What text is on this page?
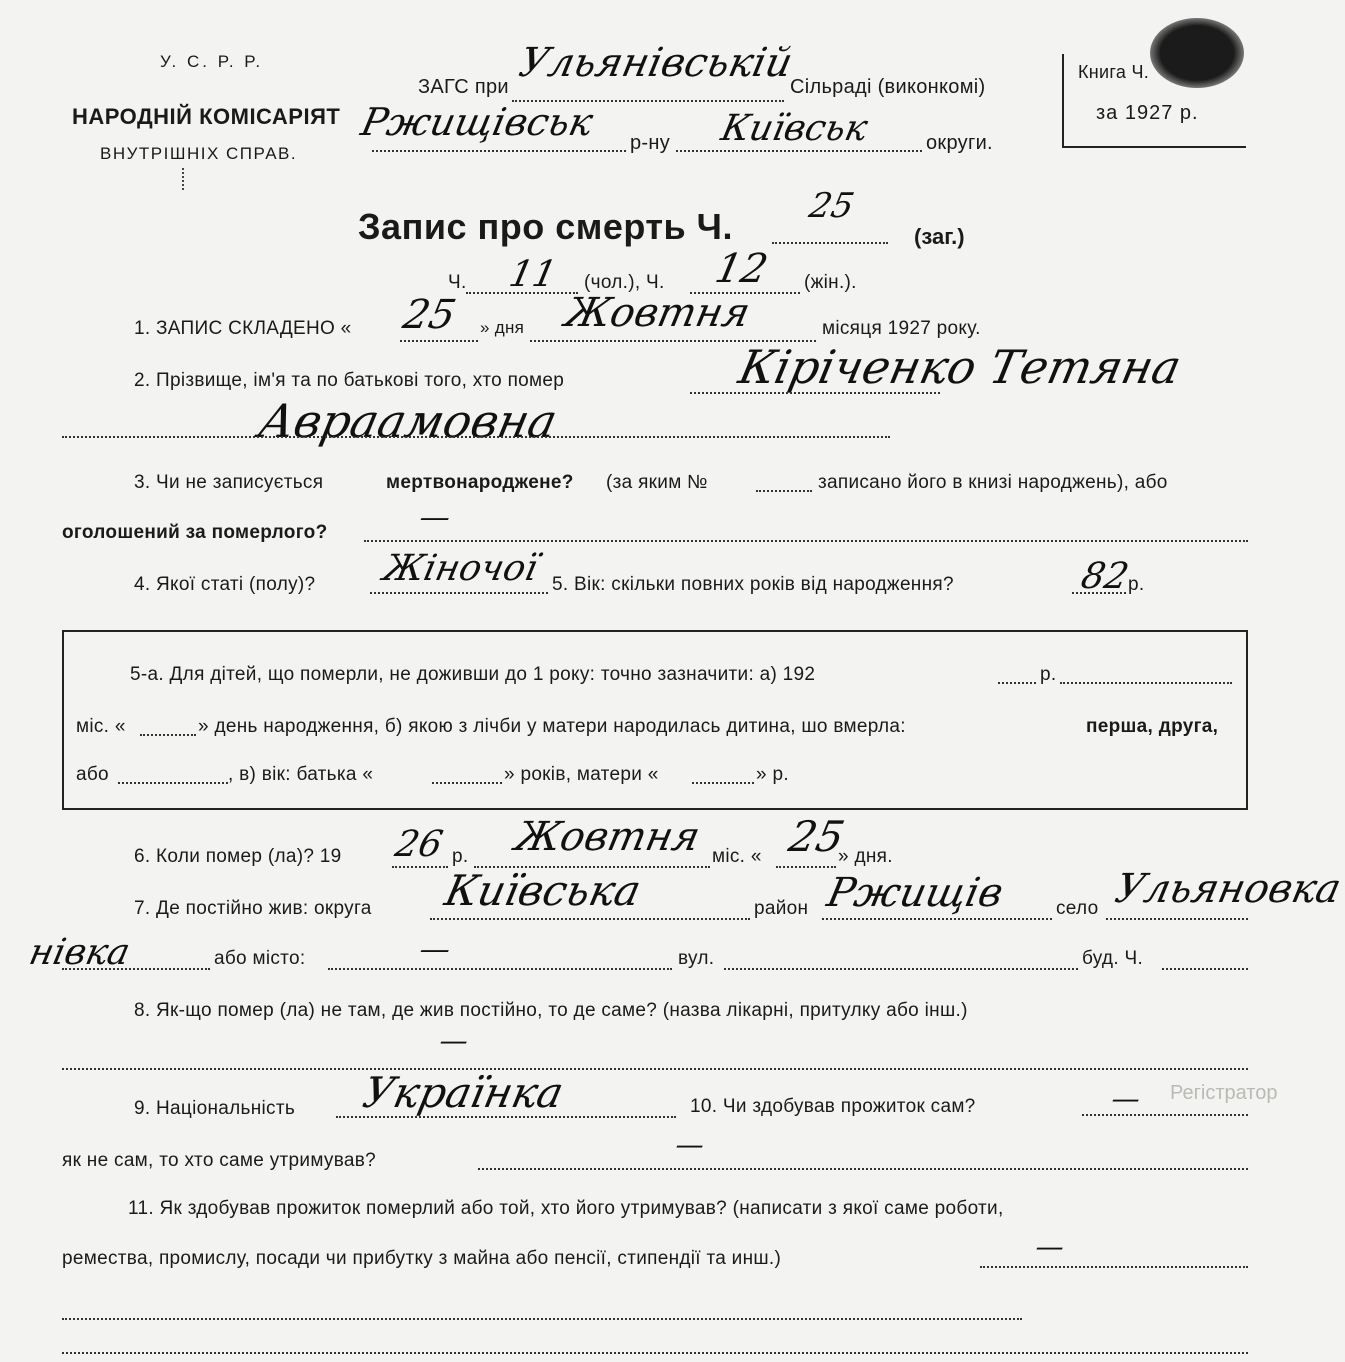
У. С. Р. Р.
НАРОДНІЙ КОМІСАРІЯТ
ВНУТРІШНІХ СПРАВ.
ЗАГС при
Ульянівській
Сільраді (виконкомі)
Ржищівськ р-ну Київськ	округи.
Книга Ч.
за 1927 р.
Запис про смерть Ч. 25
(заг.)
Ч. 11 (чол.), Ч. 12 (жін.).
1. ЗАПИС СКЛАДЕНО « 25 » дня Жовтня	місяця 1927 року.
2. Прізвище, ім'я та по батькові того, хто помер	Кіріченко Тетяна
Авраамовна
3. Чи не записується	мертвонароджене? (за яким №	записано його в книзі народжень), або
оголошений за померлого?	—
4. Якої статі (полу)? Жіночої 5. Вік: скільки повних років від народження?	82
р.
5-а. Для дітей, що померли, не доживши до 1 року: точно зазначити: а) 192	р.
міс. «	» день народження, б) якою з лічби у матери народилась дитина, шо вмерла:	перша, друга,
або	, в) вік: батька «	» років, матери «	» р.
6. Коли помер (ла)? 19 26 р. Жовтня міс. « 25
» дня.
7. Де постійно жив: округа Київська	район Ржищів	село Ульяновка
нівка	або місто:	—	вул.	буд. Ч.
8. Як-що помер (ла) не там, де жив постійно, то де саме? (назва лікарні, притулку або інш.)
—
Регістратор
9. Національність Українка	10. Чи здобував прожиток сам?	—
як не сам, то хто саме утримував?	—
11. Як здобував прожиток померлий або той, хто його утримував? (написати з якої саме роботи,
ремества, промислу, посади чи прибутку з майна або пенсії, стипендії та инш.)	—
